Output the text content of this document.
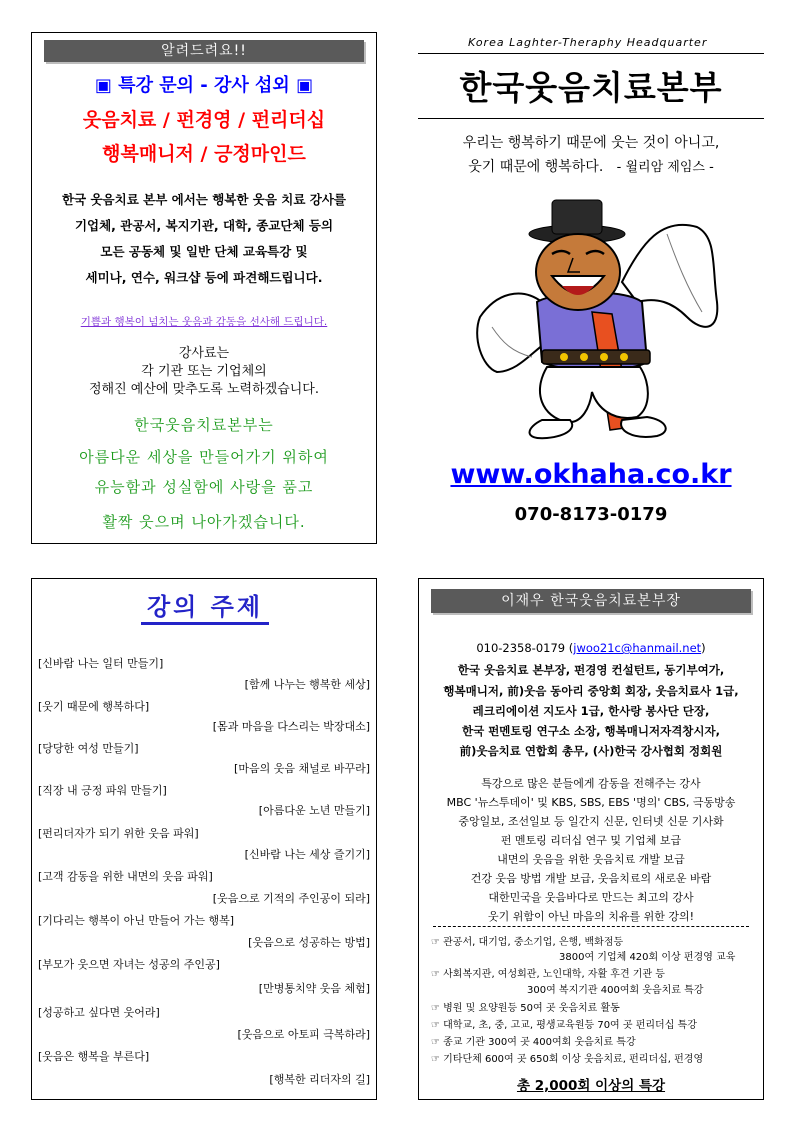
알려드려요!!
▣ 특강 문의 - 강사 섭외 ▣
웃음치료 / 펀경영 / 펀리더십
행복매니저 / 긍정마인드
한국 웃음치료 본부 에서는 행복한 웃음 치료 강사를
기업체, 관공서, 복지기관, 대학, 종교단체 등의
모든 공동체 및 일반 단체 교육특강 및
세미나, 연수, 워크샵 등에 파견해드립니다.
기쁨과 행복이 넘치는 웃음과 감동을 선사해 드립니다.
강사료는
각 기관 또는 기업체의
정해진 예산에 맞추도록 노력하겠습니다.
한국웃음치료본부는
아름다운 세상을 만들어가기 위하여
유능함과 성실함에 사랑을 품고
활짝 웃으며 나아가겠습니다.
Korea Laghter-Theraphy Headquarter
한국웃음치료본부
우리는 행복하기 때문에 웃는 것이 아니고,
웃기 때문에 행복하다. - 윌리암 제임스 -
www.okhaha.co.kr
070-8173-0179
강의 주제
[신바람 나는 일터 만들기]
[함께 나누는 행복한 세상]
[웃기 때문에 행복하다]
[몸과 마음을 다스리는 박장대소]
[당당한 여성 만들기]
[마음의 웃음 채널로 바꾸라]
[직장 내 긍정 파워 만들기]
[아름다운 노년 만들기]
[펀리더자가 되기 위한 웃음 파워]
[신바람 나는 세상 즐기기]
[고객 감동을 위한 내면의 웃음 파워]
[웃음으로 기적의 주인공이 되라]
[기다리는 행복이 아닌 만들어 가는 행복]
[웃음으로 성공하는 방법]
[부모가 웃으면 자녀는 성공의 주인공]
[만병통치약 웃음 체험]
[성공하고 싶다면 웃어라]
[웃음으로 아토피 극복하라]
[웃음은 행복을 부른다]
[행복한 리더자의 길]
이재우 한국웃음치료본부장
010-2358-0179 (jwoo21c@hanmail.net)
한국 웃음치료 본부장, 펀경영 컨설턴트, 동기부여가,
행복매니저, 前)웃음 동아리 중앙회 회장, 웃음치료사 1급,
레크리에이션 지도사 1급, 한사랑 봉사단 단장,
한국 펀멘토링 연구소 소장, 행복매니저자격창시자,
前)웃음치료 연합회 총무, (사)한국 강사협회 정회원
특강으로 많은 분들에게 감동을 전해주는 강사
MBC '뉴스투데이' 및 KBS, SBS, EBS '명의' CBS, 극동방송
중앙일보, 조선일보 등 일간지 신문, 인터넷 신문 기사화
펀 멘토링 리더십 연구 및 기업체 보급
내면의 웃음을 위한 웃음치료 개발 보급
건강 웃음 방법 개발 보급, 웃음치료의 새로운 바람
대한민국을 웃음바다로 만드는 최고의 강사
웃기 위함이 아닌 마음의 치유를 위한 강의!
☞ 관공서, 대기업, 중소기업, 은행, 백화점등
3800여 기업체 420회 이상 펀경영 교육
☞ 사회복지관, 여성회관, 노인대학, 자활 후견 기관 등
300여 복지기관 400여회 웃음치료 특강
☞ 병원 및 요양원등 50여 곳 웃음치료 활동
☞ 대학교, 초, 중, 고교, 평생교육원등 70여 곳 펀리더십 특강
☞ 종교 기관 300여 곳 400여회 웃음치료 특강
☞ 기타단체 600여 곳 650회 이상 웃음치료, 펀리더십, 펀경영
총 2,000회 이상의 특강
